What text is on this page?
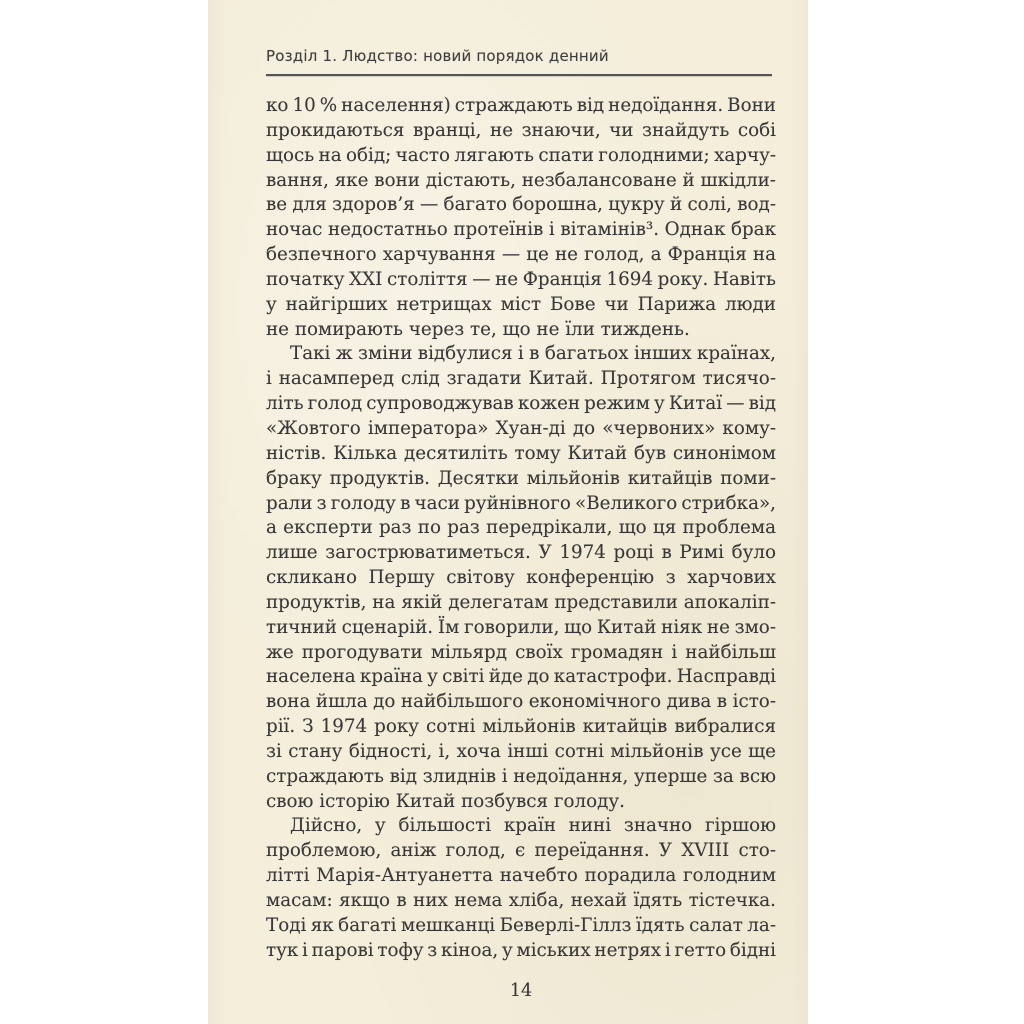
Розділ 1. Людство: новий порядок денний
ко 10 % населення) страждають від недоїдання. Вони
прокидаються вранці, не знаючи, чи знайдуть собі
щось на обід; часто лягають спати голодними; харчу-
вання, яке вони дістають, незбалансоване й шкідли-
ве для здоров’я — багато борошна, цукру й солі, вод-
ночас недостатньо протеїнів і вітамінів³. Однак брак
безпечного харчування — це не голод, а Франція на
початку XXI століття — не Франція 1694 року. Навіть
у найгірших нетрищах міст Бове чи Парижа люди
не помирають через те, що не їли тиждень.
Такі ж зміни відбулися і в багатьох інших країнах,
і насамперед слід згадати Китай. Протягом тисячо-
літь голод супроводжував кожен режим у Китаї — від
«Жовтого імператора» Хуан-ді до «червоних» кому-
ністів. Кілька десятиліть тому Китай був синонімом
браку продуктів. Десятки мільйонів китайців поми-
рали з голоду в часи руйнівного «Великого стрибка»,
а експерти раз по раз передрікали, що ця проблема
лише загострюватиметься. У 1974 році в Римі було
скликано Першу світову конференцію з харчових
продуктів, на якій делегатам представили апокаліп-
тичний сценарій. Їм говорили, що Китай ніяк не змо-
же прогодувати мільярд своїх громадян і найбільш
населена країна у світі йде до катастрофи. Насправді
вона йшла до найбільшого економічного дива в істо-
рії. З 1974 року сотні мільйонів китайців вибралися
зі стану бідності, і, хоча інші сотні мільйонів усе ще
страждають від злиднів і недоїдання, уперше за всю
свою історію Китай позбувся голоду.
Дійсно, у більшості країн нині значно гіршою
проблемою, аніж голод, є переїдання. У XVIII сто-
літті Марія-Антуанетта начебто порадила голодним
масам: якщо в них нема хліба, нехай їдять тістечка.
Тоді як багаті мешканці Беверлі-Гіллз їдять салат ла-
тук і парові тофу з кіноа, у міських нетрях і гетто бідні
14
